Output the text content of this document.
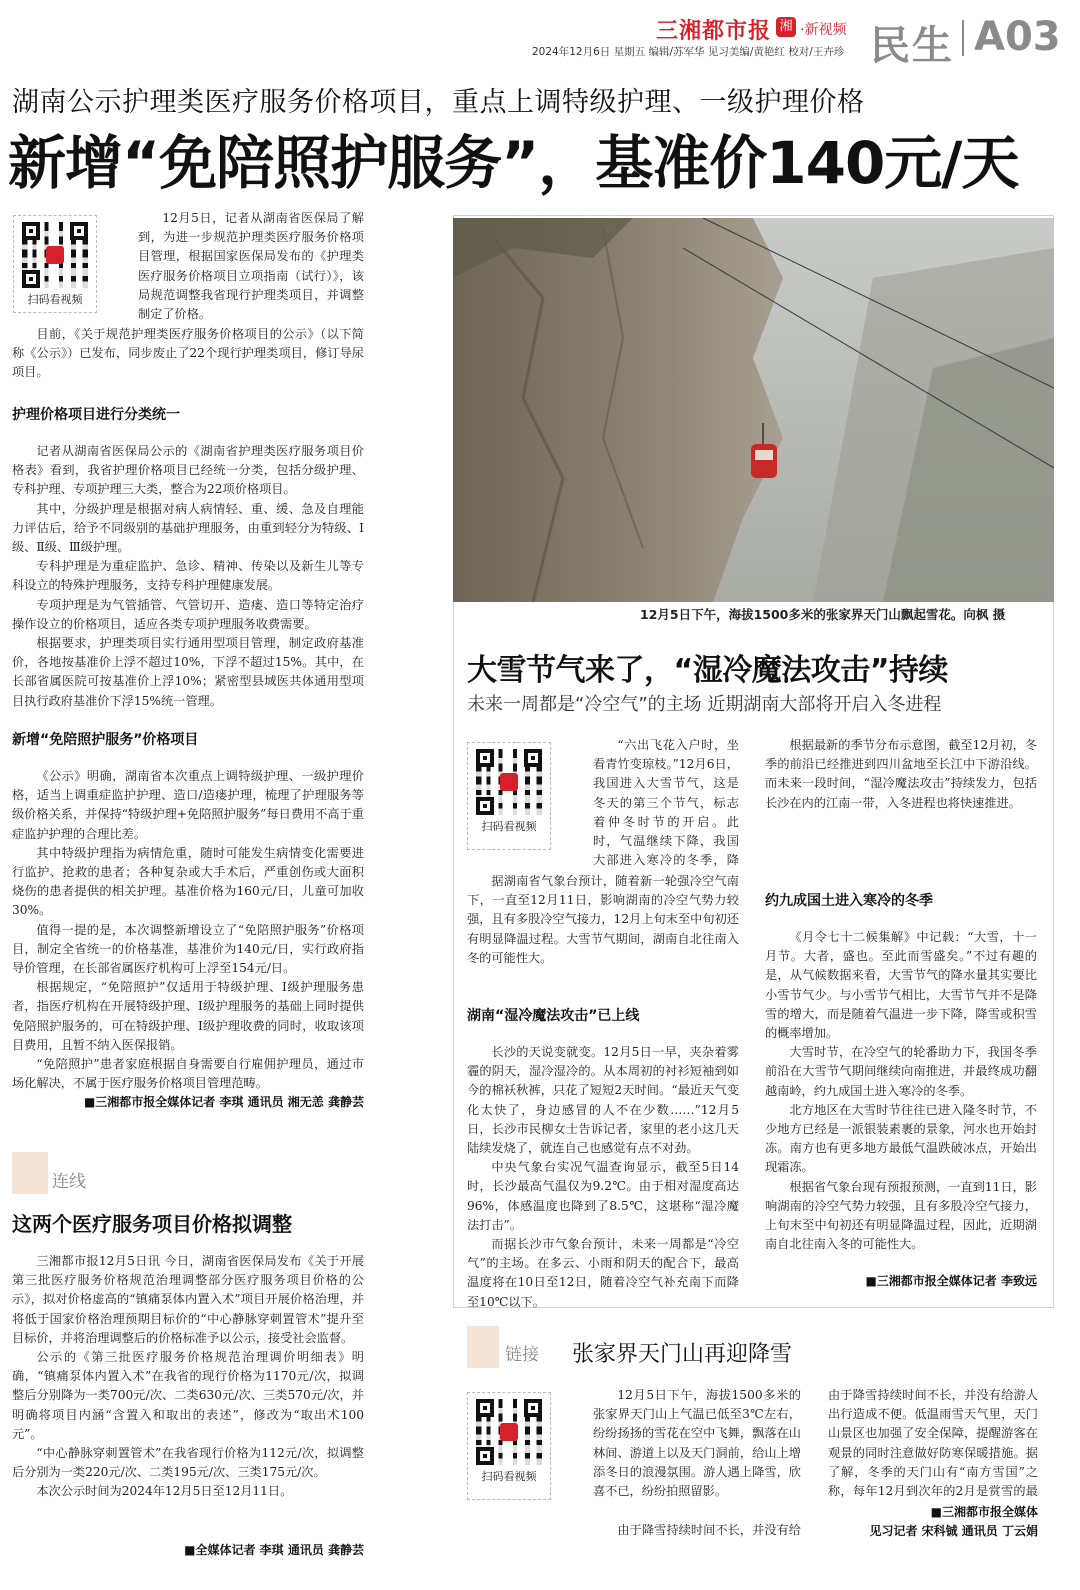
三湘都市报 湘 ·新视频
2024年12月6日 星期五 编辑/苏军华 见习美编/黄艳红 校对/王卉珍 民生 A03
湖南公示护理类医疗服务价格项目，重点上调特级护理、一级护理价格
新增“免陪照护服务”，基准价140元/天
扫码看视频

12月5日，记者从湖南省医保局了解到，为进一步规范护理类医疗服务价格项目管理，根据国家医保局发布的《护理类医疗服务价格项目立项指南（试行）》，该局规范调整我省现行护理类项目，并调整制定了价格。

目前，《关于规范护理类医疗服务价格项目的公示》（以下简称《公示》）已发布，同步废止了22个现行护理类项目，修订导尿项目。

护理价格项目进行分类统一

记者从湖南省医保局公示的《湖南省护理类医疗服务项目价格表》看到，我省护理价格项目已经统一分类，包括分级护理、专科护理、专项护理三大类，整合为22项价格项目。

其中，分级护理是根据对病人病情轻、重、缓、急及自理能力评估后，给予不同级别的基础护理服务，由重到轻分为特级、Ⅰ级、Ⅱ级、Ⅲ级护理。

专科护理是为重症监护、急诊、精神、传染以及新生儿等专科设立的特殊护理服务，支持专科护理健康发展。

专项护理是为气管插管、气管切开、造瘘、造口等特定治疗操作设立的价格项目，适应各类专项护理服务收费需要。

根据要求，护理类项目实行通用型项目管理，制定政府基准价，各地按基准价上浮不超过10%，下浮不超过15%。其中，在长部省属医院可按基准价上浮10%；紧密型县域医共体通用型项目执行政府基准价下浮15%统一管理。

新增“免陪照护服务”价格项目

《公示》明确，湖南省本次重点上调特级护理、一级护理价格，适当上调重症监护护理、造口/造瘘护理，梳理了护理服务等级价格关系，并保持“特级护理+免陪照护服务”每日费用不高于重症监护护理的合理比差。

其中特级护理指为病情危重，随时可能发生病情变化需要进行监护、抢救的患者；各种复杂或大手术后，严重创伤或大面积烧伤的患者提供的相关护理。基准价格为160元/日，儿童可加收30%。

值得一提的是，本次调整新增设立了“免陪照护服务”价格项目，制定全省统一的价格基准，基准价为140元/日，实行政府指导价管理，在长部省属医疗机构可上浮至154元/日。

根据规定，“免陪照护”仅适用于特级护理、Ⅰ级护理服务患者，指医疗机构在开展特级护理、Ⅰ级护理服务的基础上同时提供免陪照护服务的，可在特级护理、Ⅰ级护理收费的同时，收取该项目费用，且暂不纳入医保报销。

“免陪照护”患者家庭根据自身需要自行雇佣护理员，通过市场化解决，不属于医疗服务价格项目管理范畴。

■三湘都市报全媒体记者 李琪 通讯员 湘无恙 龚静芸
连线
这两个医疗服务项目价格拟调整

三湘都市报12月5日讯 今日，湖南省医保局发布《关于开展第三批医疗服务价格规范治理调整部分医疗服务项目价格的公示》，拟对价格虚高的“镇痛泵体内置入术”项目开展价格治理，并将低于国家价格治理预期目标价的“中心静脉穿刺置管术”提升至目标价，并将治理调整后的价格标准予以公示，接受社会监督。

公示的《第三批医疗服务价格规范治理调价明细表》明确，“镇痛泵体内置入术”在我省的现行价格为1170元/次，拟调整后分别降为一类700元/次、二类630元/次、三类570元/次，并明确将项目内涵“含置入和取出的表述”，修改为“取出术100元”。

“中心静脉穿刺置管术”在我省现行价格为112元/次，拟调整后分别为一类220元/次、二类195元/次、三类175元/次。

本次公示时间为2024年12月5日至12月11日。

■全媒体记者 李琪 通讯员 龚静芸
12月5日下午，海拔1500多米的张家界天门山飘起雪花。向枫 摄
大雪节气来了，“湿冷魔法攻击”持续
未来一周都是“冷空气”的主场 近期湖南大部将开启入冬进程
扫码看视频

“六出飞花入户时，坐看青竹变琼枝。”12月6日，我国进入大雪节气，这是冬天的第三个节气，标志着仲冬时节的开启。此时，气温继续下降，我国大部进入寒冷的冬季，降

据湖南省气象台预计，随着新一轮强冷空气南下，一直至12月11日，影响湖南的冷空气势力较强，且有多股冷空气接力，12月上旬末至中旬初还有明显降温过程。大雪节气期间，湖南自北往南入冬的可能性大。

湖南“湿冷魔法攻击”已上线

长沙的天说变就变。12月5日一早，夹杂着雾霾的阴天，湿冷湿冷的。从本周初的衬衫短袖到如今的棉袄秋裤，只花了短短2天时间。“最近天气变化太快了，身边感冒的人不在少数……”12月5日，长沙市民柳女士告诉记者，家里的老小这几天陆续发烧了，就连自己也感觉有点不对劲。

中央气象台实况气温查询显示，截至5日14时，长沙最高气温仅为9.2℃。由于相对湿度高达96%，体感温度也降到了8.5℃，这堪称“湿冷魔法打击”。

而据长沙市气象台预计，未来一周都是“冷空气”的主场。在多云、小雨和阴天的配合下，最高温度将在10日至12日，随着冷空气补充南下而降至10℃以下。

根据最新的季节分布示意图，截至12月初，冬季的前沿已经推进到四川盆地至长江中下游沿线。而未来一段时间，“湿冷魔法攻击”持续发力，包括长沙在内的江南一带，入冬进程也将快速推进。

约九成国土进入寒冷的冬季

《月令七十二候集解》中记载：“大雪，十一月节。大者，盛也。至此而雪盛矣。”不过有趣的是，从气候数据来看，大雪节气的降水量其实要比小雪节气少。与小雪节气相比，大雪节气并不是降雪的增大，而是随着气温进一步下降，降雪或积雪的概率增加。

大雪时节，在冷空气的轮番助力下，我国冬季前沿在大雪节气期间继续向南推进，并最终成功翻越南岭，约九成国土进入寒冷的冬季。

北方地区在大雪时节往往已进入隆冬时节，不少地方已经是一派银装素裹的景象，河水也开始封冻。南方也有更多地方最低气温跌破冰点，开始出现霜冻。

根据省气象台现有预报预测，一直到11日，影响湖南的冷空气势力较强，且有多股冷空气接力，上旬末至中旬初还有明显降温过程，因此，近期湖南自北往南入冬的可能性大。

■三湘都市报全媒体记者 李致远
链接 张家界天门山再迎降雪
扫码看视频

12月5日下午，海拔1500多米的张家界天门山上气温已低至3℃左右，纷纷扬扬的雪花在空中飞舞，飘落在山林间、游道上以及天门洞前，给山上增添冬日的浪漫氛围。游人遇上降雪，欣喜不已，纷纷拍照留影。

由于降雪持续时间不长，并没有给

由于降雪持续时间不长，并没有给游人出行造成不便。低温雨雪天气里，天门山景区也加强了安全保障，提醒游客在观景的同时注意做好防寒保暖措施。据了解，冬季的天门山有“南方雪国”之称，每年12月到次年的2月是赏雪的最

■三湘都市报全媒体
见习记者 宋科铖 通讯员 丁云娟
